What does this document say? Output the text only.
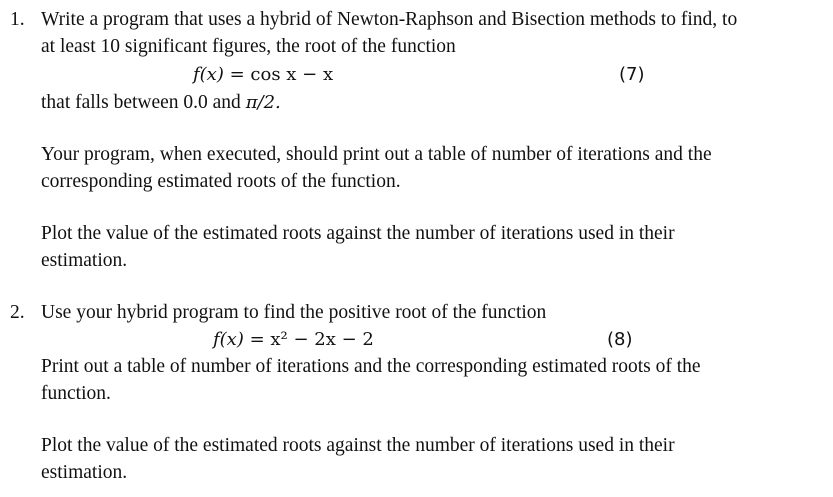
1. Write a program that uses a hybrid of Newton-Raphson and Bisection methods to find, to
at least 10 significant figures, the root of the function
f(x) = cos x − x	(7)
that falls between 0.0 and π/2.
Your program, when executed, should print out a table of number of iterations and the
corresponding estimated roots of the function.
Plot the value of the estimated roots against the number of iterations used in their
estimation.
2. Use your hybrid program to find the positive root of the function
f(x) = x² − 2x − 2	(8)
Print out a table of number of iterations and the corresponding estimated roots of the
function.
Plot the value of the estimated roots against the number of iterations used in their
estimation.
